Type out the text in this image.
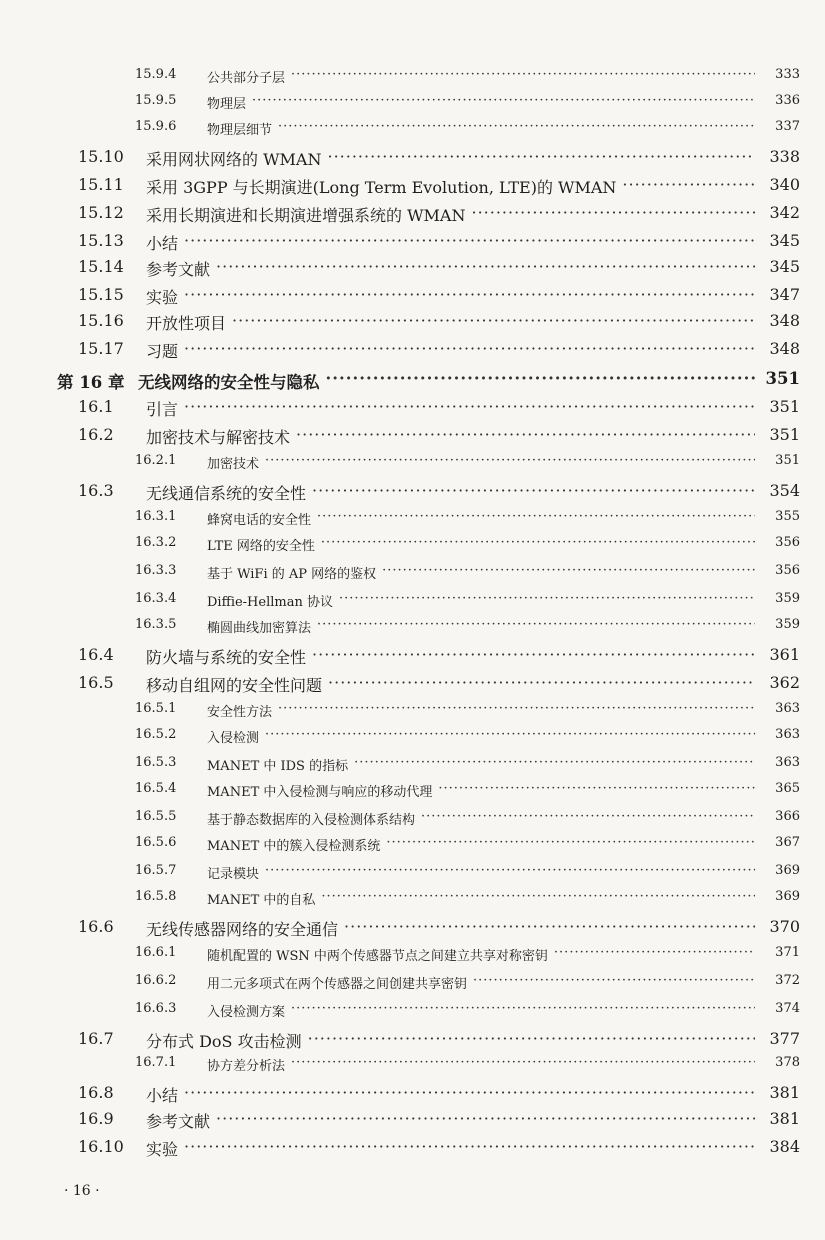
15.9.4 公共部分子层	333
·····
15.9.5 物理层	336
·····
15.9.6 物理层细节	337
·····
15.10 采用网状网络的 WMAN	338
·····
15.11 采用 3GPP 与长期演进(Long Term Evolution, LTE)的 WMAN	340
·····
15.12 采用长期演进和长期演进增强系统的 WMAN	342
·····
15.13 小结	345
·····
15.14 参考文献	345
·····
15.15 实验	347
·····
15.16 开放性项目	348
·····
15.17 习题	348
·····
第 16 章 无线网络的安全性与隐私	351
·····
16.1 引言	351
·····
16.2 加密技术与解密技术	351
·····
16.2.1 加密技术	351
·····
16.3 无线通信系统的安全性	354
·····
16.3.1 蜂窝电话的安全性	355
·····
16.3.2 LTE 网络的安全性	356
·····
16.3.3 基于 WiFi 的 AP 网络的鉴权	356
·····
16.3.4 Diffie-Hellman 协议	359
·····
16.3.5 椭圆曲线加密算法	359
·····
16.4 防火墙与系统的安全性	361
·····
16.5 移动自组网的安全性问题	362
·····
16.5.1 安全性方法	363
·····
16.5.2 入侵检测	363
·····
16.5.3 MANET 中 IDS 的指标	363
·····
16.5.4 MANET 中入侵检测与响应的移动代理	365
·····
16.5.5 基于静态数据库的入侵检测体系结构	366
·····
16.5.6 MANET 中的簇入侵检测系统	367
·····
16.5.7 记录模块	369
·····
16.5.8 MANET 中的自私	369
·····
16.6 无线传感器网络的安全通信	370
·····
16.6.1 随机配置的 WSN 中两个传感器节点之间建立共享对称密钥	371
·····
16.6.2 用二元多项式在两个传感器之间创建共享密钥	372
·····
16.6.3 入侵检测方案	374
·····
16.7 分布式 DoS 攻击检测	377
·····
16.7.1 协方差分析法	378
·····
16.8 小结	381
·····
16.9 参考文献	381
·····
16.10 实验	384
·····
· 16 ·
